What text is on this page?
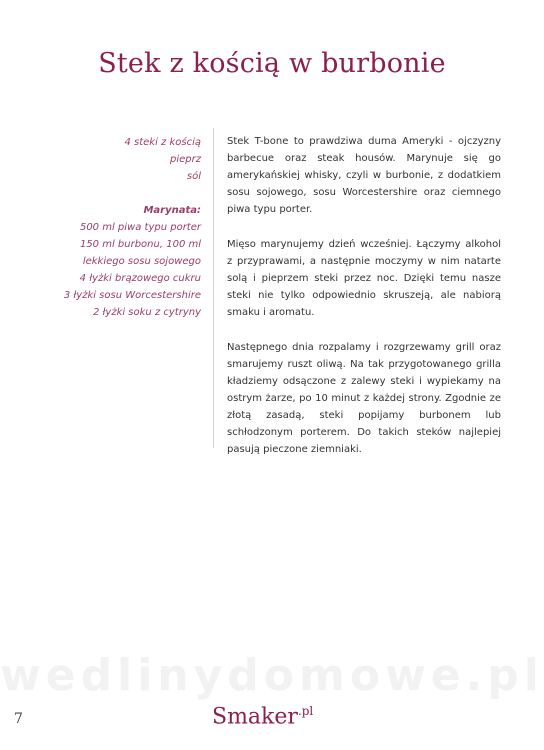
Stek z kością w burbonie
4 steki z kością
pieprz
sól
Marynata:
500 ml piwa typu porter
150 ml burbonu, 100 ml
lekkiego sosu sojowego
4 łyżki brązowego cukru
3 łyżki sosu Worcestershire
2 łyżki soku z cytryny

Stek T-bone to prawdziwa duma Ameryki - ojczyzny barbecue oraz steak housów. Marynuje się go amerykańskiej whisky, czyli w burbonie, z dodatkiem sosu sojowego, sosu Worcestershire oraz ciemnego piwa typu porter.

Mięso marynujemy dzień wcześniej. Łączymy alkohol z przyprawami, a następnie moczymy w nim natarte solą i pieprzem steki przez noc. Dzięki temu nasze steki nie tylko odpowiednio skruszeją, ale nabiorą smaku i aromatu.

Następnego dnia rozpalamy i rozgrzewamy grill oraz smarujemy ruszt oliwą. Na tak przygotowanego grilla kładziemy odsączone z zalewy steki i wypiekamy na ostrym żarze, po 10 minut z każdej strony. Zgodnie ze złotą zasadą, steki popijamy burbonem lub schłodzonym porterem. Do takich steków najlepiej pasują pieczone ziemniaki.

wedlinydomowe.pl
7	Smaker$^{.pl}$
